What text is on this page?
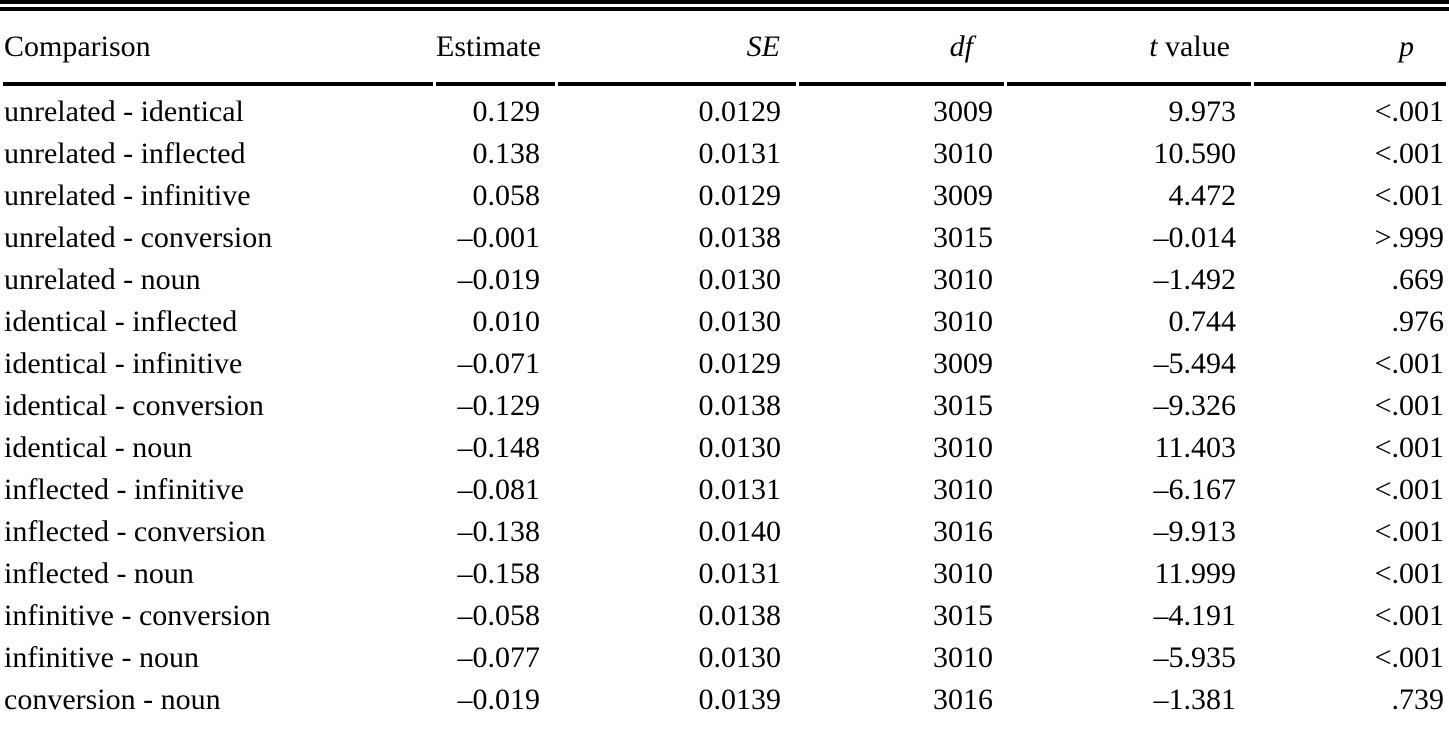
Comparison	Estimate	SE	df	t value	p
unrelated - identical	0.129	0.0129	3009	9.973	<.001
unrelated - inflected	0.138	0.0131	3010	10.590	<.001
unrelated - infinitive	0.058	0.0129	3009	4.472	<.001
unrelated - conversion	–0.001	0.0138	3015	–0.014	>.999
unrelated - noun	–0.019	0.0130	3010	–1.492	.669
identical - inflected	0.010	0.0130	3010	0.744	.976
identical - infinitive	–0.071	0.0129	3009	–5.494	<.001
identical - conversion	–0.129	0.0138	3015	–9.326	<.001
identical - noun	–0.148	0.0130	3010	11.403	<.001
inflected - infinitive	–0.081	0.0131	3010	–6.167	<.001
inflected - conversion	–0.138	0.0140	3016	–9.913	<.001
inflected - noun	–0.158	0.0131	3010	11.999	<.001
infinitive - conversion	–0.058	0.0138	3015	–4.191	<.001
infinitive - noun	–0.077	0.0130	3010	–5.935	<.001
conversion - noun	–0.019	0.0139	3016	–1.381	.739
